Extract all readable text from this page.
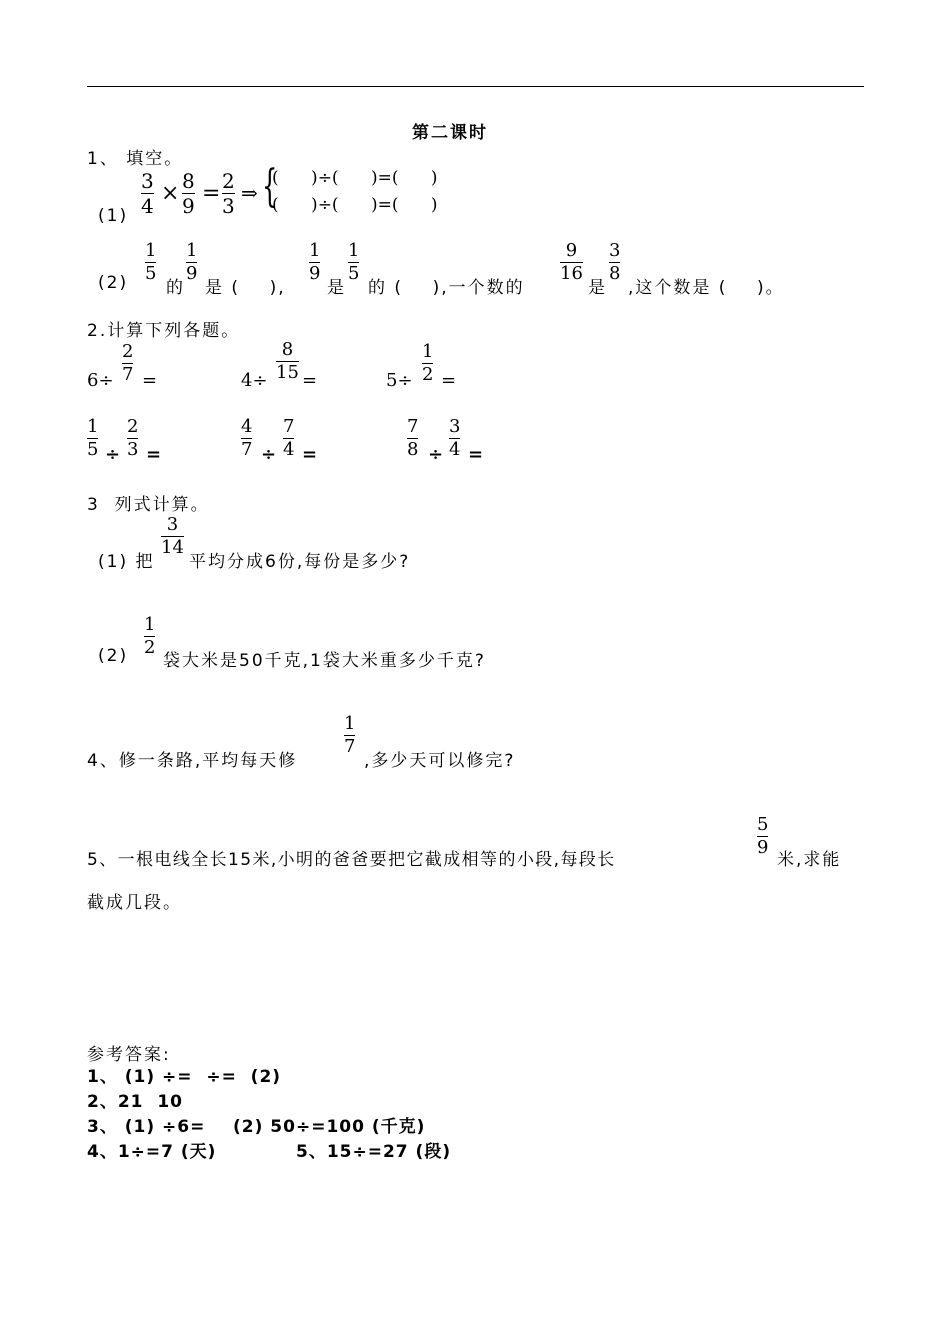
第二课时
1、 填空。
(1)
3
4 × 8
9 = 2
3
⇒ {
(      )÷(      )=(      )
(      )÷(      )=(      )
(2)
1
5
的
1
9
是 (    ),
1
9
是
1
5
的 (    ),一个数的
9
16
是
3
8
,这个数是 (    )。
2.计算下列各题。
6÷
2
7 =	4÷
8
15 =	5÷
1
2 =
1
5 ÷
2
3 =
4
7 ÷
7
4 =
7
8 ÷
3
4 =
3  列式计算。
(1) 把
3
14
平均分成6份,每份是多少?
(2)
1
2
袋大米是50千克,1袋大米重多少千克?
4、修一条路,平均每天修
1
7
,多少天可以修完?
5、一根电线全长15米,小明的爸爸要把它截成相等的小段,每段长
5
9
米,求能
截成几段。
参考答案:
1、 (1) ÷=  ÷=  (2)
2、21  10
3、 (1) ÷6=    (2) 50÷=100 (千克)
4、1÷=7 (天)	5、15÷=27 (段)
